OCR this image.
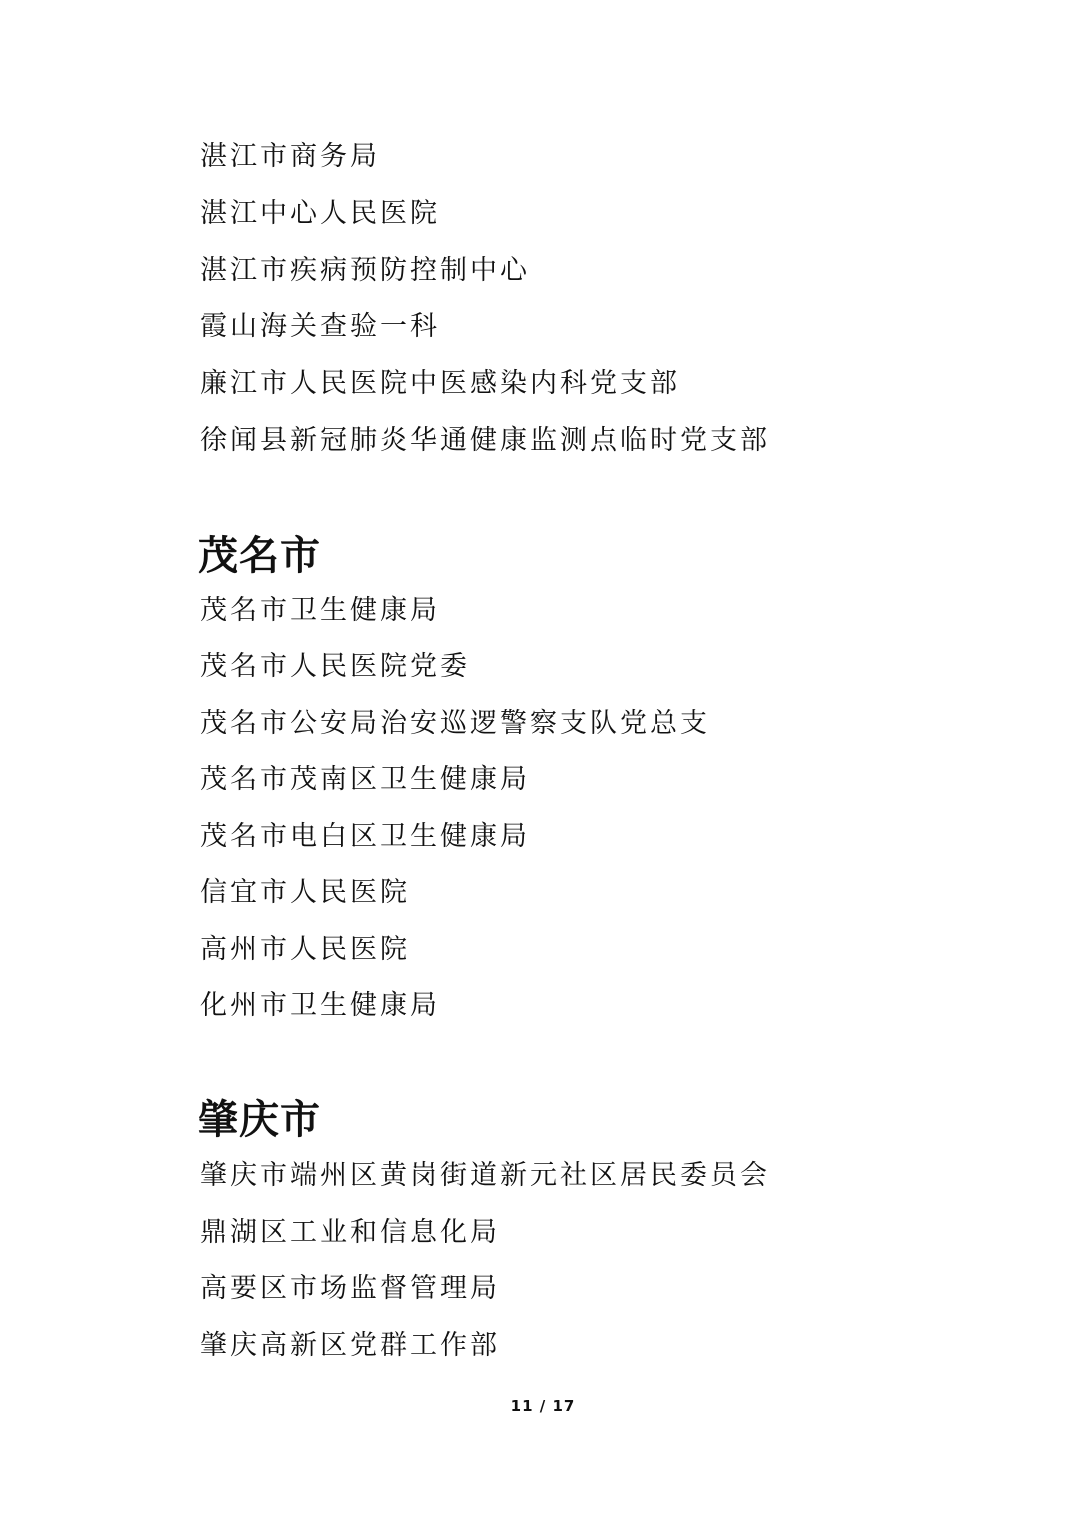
湛江市商务局
湛江中心人民医院
湛江市疾病预防控制中心
霞山海关查验一科
廉江市人民医院中医感染内科党支部
徐闻县新冠肺炎华通健康监测点临时党支部
茂名市
茂名市卫生健康局
茂名市人民医院党委
茂名市公安局治安巡逻警察支队党总支
茂名市茂南区卫生健康局
茂名市电白区卫生健康局
信宜市人民医院
高州市人民医院
化州市卫生健康局
肇庆市
肇庆市端州区黄岗街道新元社区居民委员会
鼎湖区工业和信息化局
高要区市场监督管理局
肇庆高新区党群工作部
11 / 17
